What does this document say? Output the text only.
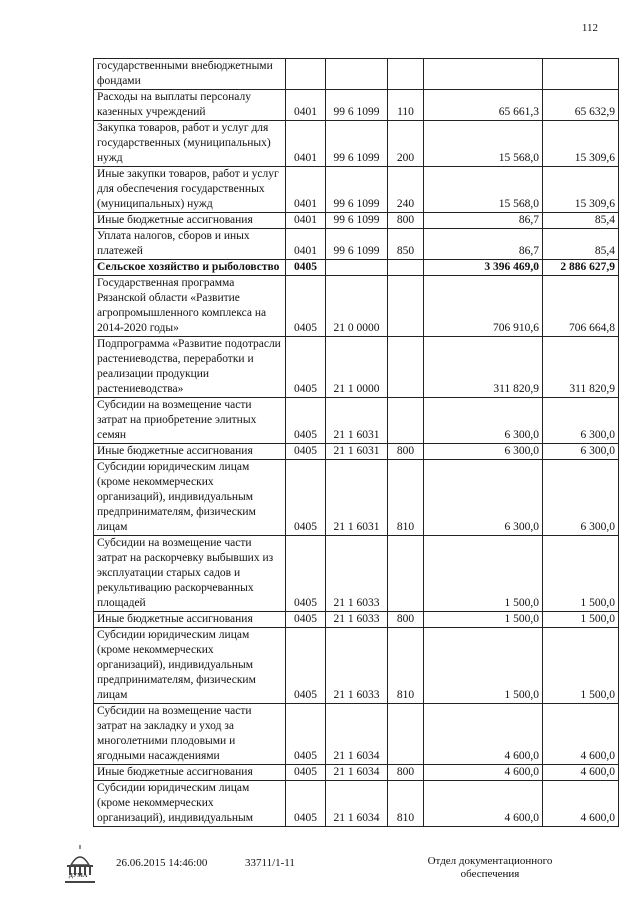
112
государственными внебюджетными фондами					
Расходы на выплаты персоналу казенных учреждений	0401	99 6 1099	110	65 661,3	65 632,9
Закупка товаров, работ и услуг для государственных (муниципальных) нужд	0401	99 6 1099	200	15 568,0	15 309,6
Иные закупки товаров, работ и услуг для обеспечения государственных (муниципальных) нужд	0401	99 6 1099	240	15 568,0	15 309,6
Иные бюджетные ассигнования	0401	99 6 1099	800	86,7	85,4
Уплата налогов, сборов и иных платежей	0401	99 6 1099	850	86,7	85,4
Сельское хозяйство и рыболовство	0405			3 396 469,0	2 886 627,9
Государственная программа Рязанской области «Развитие агропромышленного комплекса на 2014-2020 годы»	0405	21 0 0000		706 910,6	706 664,8
Подпрограмма «Развитие подотрасли растениеводства, переработки и реализации продукции растениеводства»	0405	21 1 0000		311 820,9	311 820,9
Субсидии на возмещение части затрат на приобретение элитных семян	0405	21 1 6031		6 300,0	6 300,0
Иные бюджетные ассигнования	0405	21 1 6031	800	6 300,0	6 300,0
Субсидии юридическим лицам (кроме некоммерческих организаций), индивидуальным предпринимателям, физическим лицам	0405	21 1 6031	810	6 300,0	6 300,0
Субсидии на возмещение части затрат на раскорчевку выбывших из эксплуатации старых садов и рекультивацию раскорчеванных площадей	0405	21 1 6033		1 500,0	1 500,0
Иные бюджетные ассигнования	0405	21 1 6033	800	1 500,0	1 500,0
Субсидии юридическим лицам (кроме некоммерческих организаций), индивидуальным предпринимателям, физическим лицам	0405	21 1 6033	810	1 500,0	1 500,0
Субсидии на возмещение части затрат на закладку и уход за многолетними плодовыми и ягодными насаждениями	0405	21 1 6034		4 600,0	4 600,0
Иные бюджетные ассигнования	0405	21 1 6034	800	4 600,0	4 600,0
Субсидии юридическим лицам (кроме некоммерческих организаций), индивидуальным	0405	21 1 6034	810	4 600,0	4 600,0
ДУМА
26.06.2015 14:46:00	33711/1-11	Отдел документационного обеспечения
